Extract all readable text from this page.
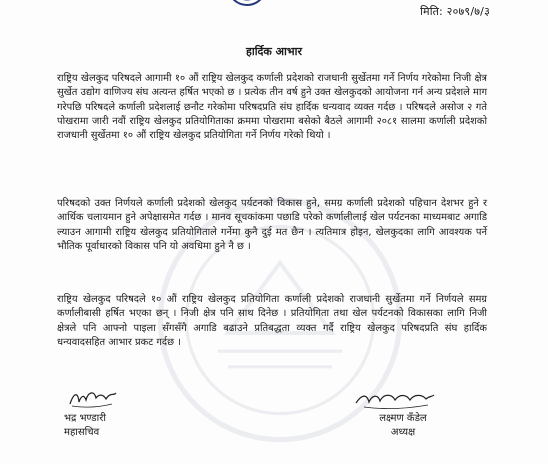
मिति: २०७९/७/३
हार्दिक आभार

राष्ट्रिय खेलकुद परिषदले आगामी १० औं राष्ट्रिय खेलकुद कर्णाली प्रदेशको राजधानी सुर्खेतमा गर्ने निर्णय गरेकोमा निजी क्षेत्र सुर्खेत उद्योग वाणिज्य संघ अत्यन्त हर्षित भएको छ । प्रत्येक तीन वर्ष हुने उक्त खेलकुदको आयोजना गर्न अन्य प्रदेशले माग गरेपछि परिषदले कर्णाली प्रदेशलाई छनौट गरेकोमा परिषदप्रति संघ हार्दिक धन्यवाद व्यक्त गर्दछ । परिषदले असोज २ गते पोखरामा जारी नवौं राष्ट्रिय खेलकुद प्रतियोगिताका क्रममा पोखरामा बसेको बैठले आगामी २०८१ सालमा कर्णाली प्रदेशको राजधानी सुर्खेतमा १० औं राष्ट्रिय खेलकुद प्रतियोगिता गर्ने निर्णय गरेको थियो ।

परिषदको उक्त निर्णयले कर्णाली प्रदेशको खेलकुद पर्यटनको विकास हुने, समग्र कर्णाली प्रदेशको पहिचान देशभर हुने र आर्थिक चलायमान हुने अपेक्षासमेत गर्दछ । मानव सूचकांकमा पछाडि परेको कर्णालीलाई खेल पर्यटनका माध्यमबाट अगाडि ल्याउन आगामी राष्ट्रिय खेलकुद प्रतियोगिताले गर्नेमा कुनै दुई मत छैन । त्यतिमात्र होइन, खेलकुदका लागि आवश्यक पर्ने भौतिक पूर्वाधारको विकास पनि यो अवधिमा हुने नै छ ।

राष्ट्रिय खेलकुद परिषदले १० औं राष्ट्रिय खेलकुद प्रतियोगिता कर्णाली प्रदेशको राजधानी सुर्खेतमा गर्ने निर्णयले समग्र कर्णालीबासी हर्षित भएका छन् । निजी क्षेत्र पनि साथ दिनेछ । प्रतियोगिता तथा खेल पर्यटनको विकासका लागि निजी क्षेत्रले पनि आफ्नो पाइला सँगसँगै अगाडि बढाउने प्रतिबद्धता व्यक्त गर्दै राष्ट्रिय खेलकुद परिषदप्रति संघ हार्दिक धन्यवादसहित आभार प्रकट गर्दछ ।

भद्र भण्डारी
महासचिव
लक्ष्मण कँडेल
अध्यक्ष
